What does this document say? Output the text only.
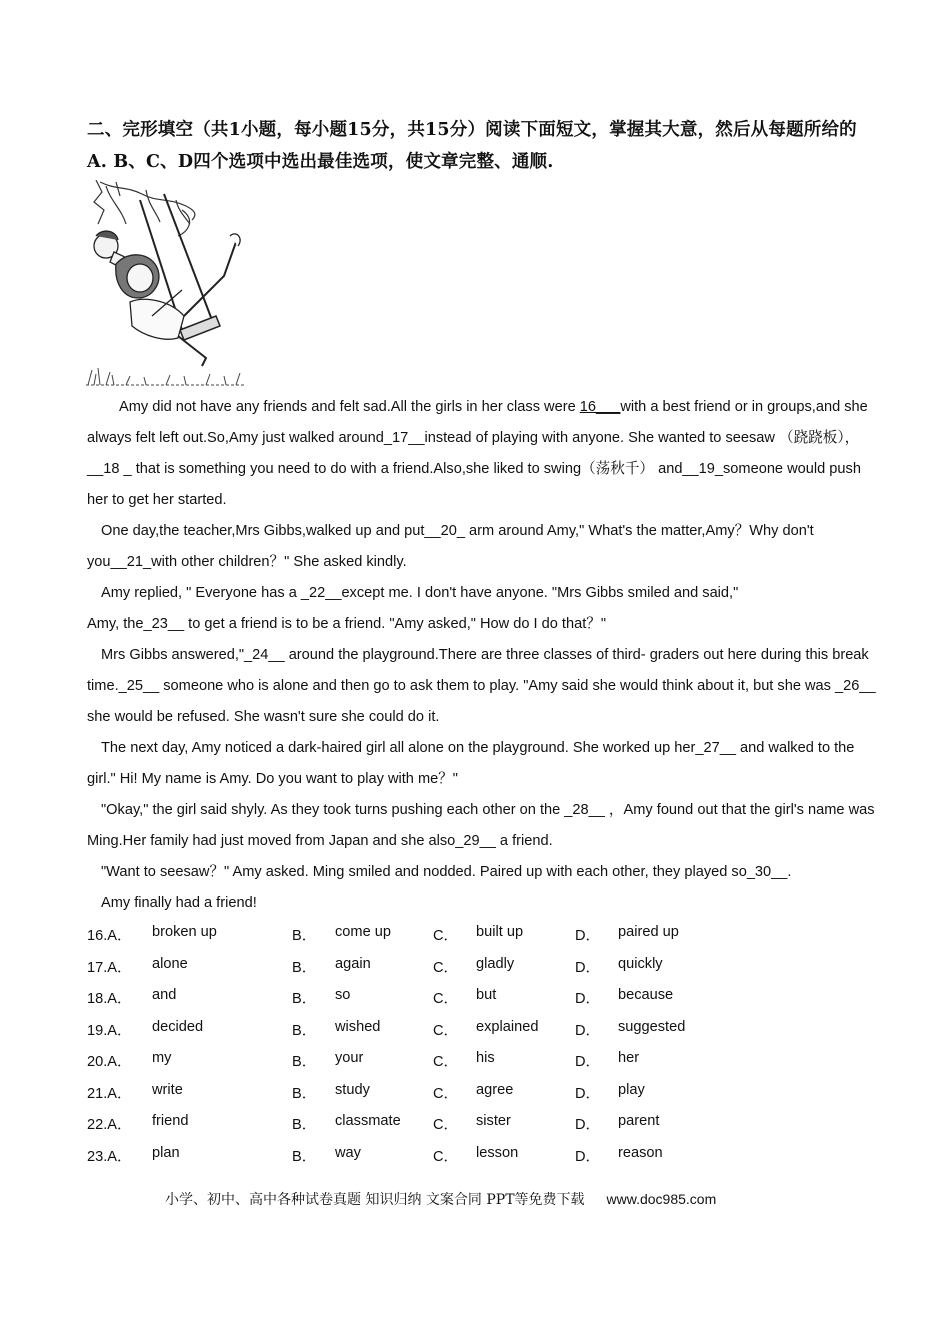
二、完形填空（共1小题，每小题15分，共15分）阅读下面短文，掌握其大意，然后从每题所给的A. B、C、D四个选项中选出最佳选项，使文章完整、通顺.

Amy did not have any friends and felt sad.All the girls in her class were 16___with a best friend or in groups,and she always felt left out.So,Amy just walked around_17__instead of playing with anyone. She wanted to seesaw （跷跷板），__18 _ that is something you need to do with a friend.Also,she liked to swing（荡秋千） and__19_someone would push her to get her started.

One day,the teacher,Mrs Gibbs,walked up and put__20_ arm around Amy," What's the matter,Amy？Why don't you__21_with other children？" She asked kindly.

Amy replied, " Everyone has a _22__except me. I don't have anyone. "Mrs Gibbs smiled and said,"

Amy, the_23__ to get a friend is to be a friend. "Amy asked," How do I do that？"

Mrs Gibbs answered,"_24__ around the playground.There are three classes of third- graders out here during this break time._25__ someone who is alone and then go to ask them to play. "Amy said she would think about it, but she was _26__ she would be refused. She wasn't sure she could do it.

The next day, Amy noticed a dark-haired girl all alone on the playground. She worked up her_27__ and walked to the girl." Hi! My name is Amy. Do you want to play with me？"

"Okay," the girl said shyly. As they took turns pushing each other on the _28__ ，Amy found out that the girl's name was Ming.Her family had just moved from Japan and she also_29__ a friend.

"Want to seesaw？" Amy asked. Ming smiled and nodded. Paired up with each other, they played so_30__.

Amy finally had a friend!

16.A． broken up	B． come up	C． built up	D． paired up
17.A． alone	B． again	C． gladly	D． quickly
18.A． and	B． so	C． but	D． because
19.A． decided	B． wished	C． explained	D． suggested
20.A． my	B． your	C． his	D． her
21.A． write	B． study	C． agree	D． play
22.A． friend	B． classmate C． sister	D． parent
23.A． plan	B． way	C． lesson	D． reason
小学、初中、高中各种试卷真题 知识归纳 文案合同 PPT等免费下载 www.doc985.com
